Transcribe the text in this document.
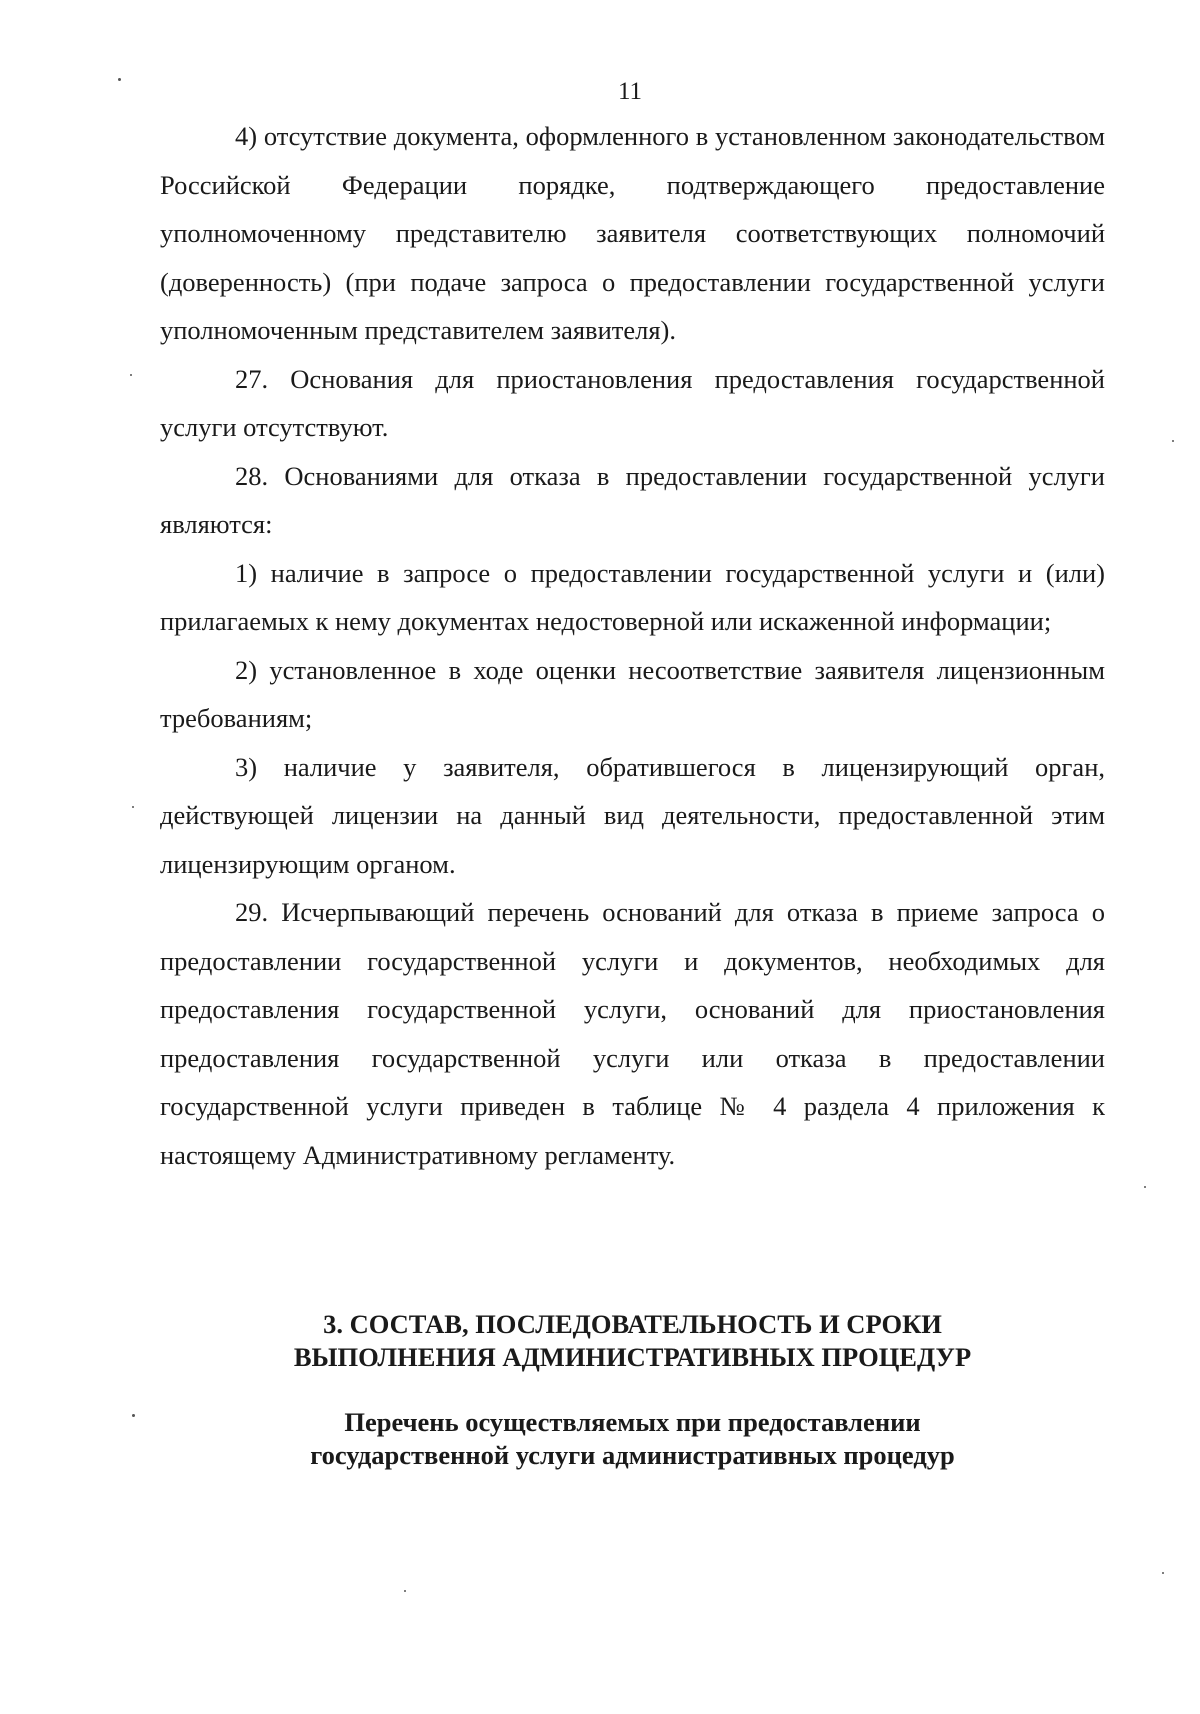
11

4) отсутствие документа, оформленного в установленном законодательством Российской Федерации порядке, подтверждающего предоставление уполномоченному представителю заявителя соответствующих полномочий (доверенность) (при подаче запроса о предоставлении государственной услуги уполномоченным представителем заявителя).

27. Основания для приостановления предоставления государственной услуги отсутствуют.

28. Основаниями для отказа в предоставлении государственной услуги являются:

1) наличие в запросе о предоставлении государственной услуги и (или) прилагаемых к нему документах недостоверной или искаженной информации;

2) установленное в ходе оценки несоответствие заявителя лицензионным требованиям;

3) наличие у заявителя, обратившегося в лицензирующий орган, действующей лицензии на данный вид деятельности, предоставленной этим лицензирующим органом.

29. Исчерпывающий перечень оснований для отказа в приеме запроса о предоставлении государственной услуги и документов, необходимых для предоставления государственной услуги, оснований для приостановления предоставления государственной услуги или отказа в предоставлении государственной услуги приведен в таблице № 4 раздела 4 приложения к настоящему Административному регламенту.

3. СОСТАВ, ПОСЛЕДОВАТЕЛЬНОСТЬ И СРОКИ

ВЫПОЛНЕНИЯ АДМИНИСТРАТИВНЫХ ПРОЦЕДУР

Перечень осуществляемых при предоставлении

государственной услуги административных процедур
